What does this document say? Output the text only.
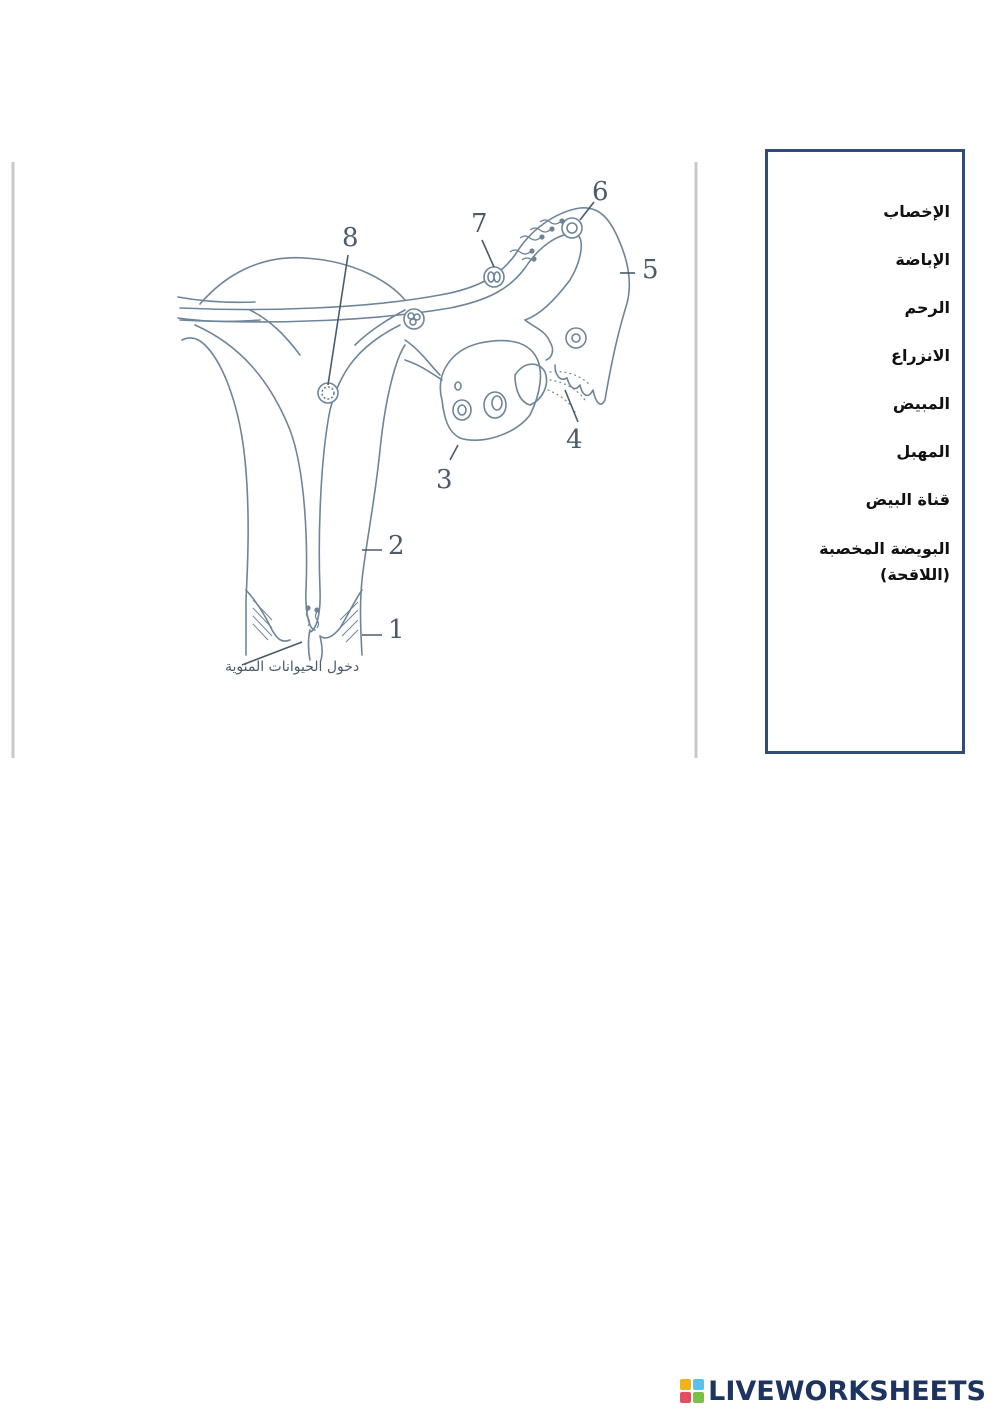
1
2
3
4
5
6
7
8
دخول الحيوانات المنوية
الإخصاب
الإباضة
الرحم
الانزراع
المبيض
المهبل
قناة البيض
البويضة المخصبة (اللاقحة)
LIVEWORKSHEETS
